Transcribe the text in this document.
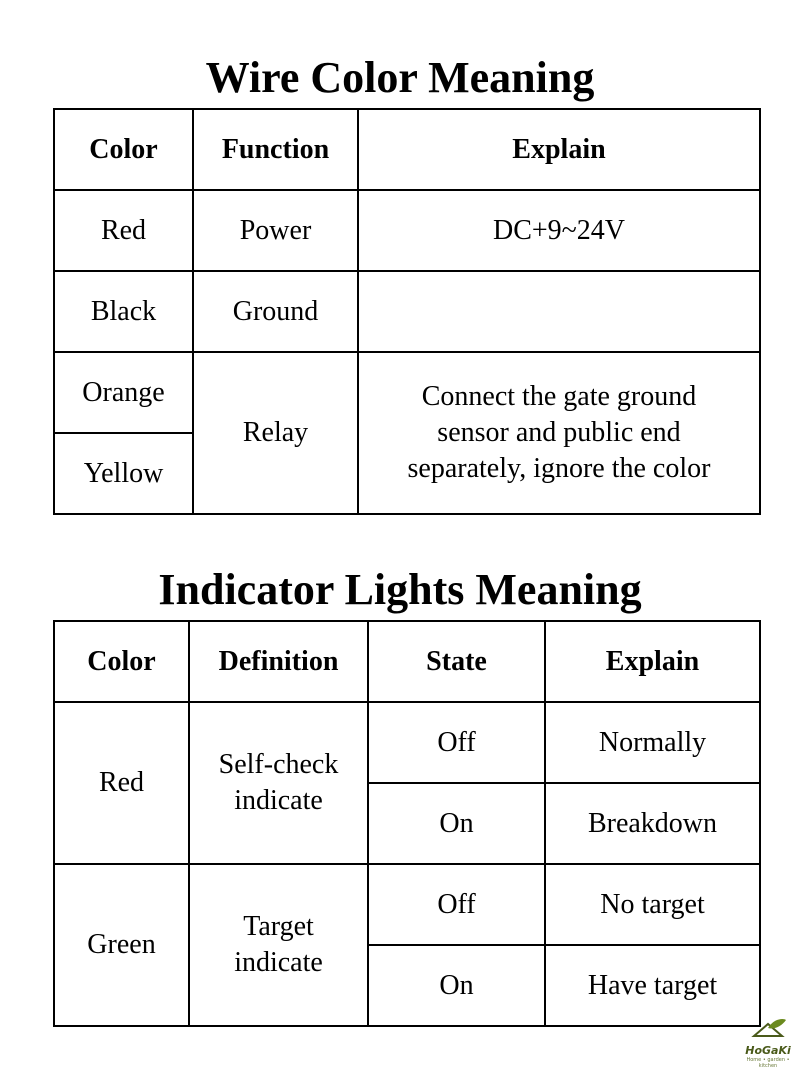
Wire Color Meaning
Color	Function	Explain
Red	Power	DC+9~24V
Black	Ground	
Orange	Relay	Connect the gate ground sensor and public end separately, ignore the color
Yellow		
Indicator Lights Meaning
Color	Definition	State	Explain
Red	Self-check indicate	Off	Normally
		On	Breakdown
Green	Target indicate	Off	No target
		On	Have target
HoGaKi
Home • garden • kitchen
